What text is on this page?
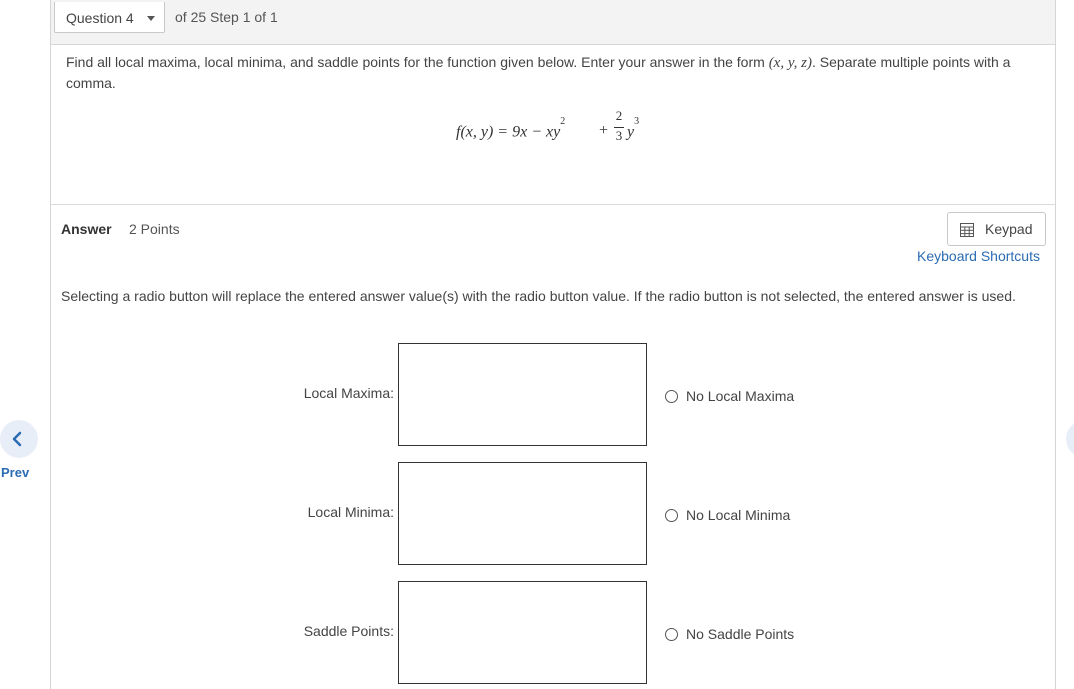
Prev
Question 4	of 25 Step 1 of 1
Find all local maxima, local minima, and saddle points for the function given below. Enter your answer in the form (x, y, z). Separate multiple points with a comma.
f(x, $y) = 9x - xy^2$
+
2
3 $y^3$
Answer 2 Points	Keypad
Keyboard Shortcuts
Selecting a radio button will replace the entered answer value(s) with the radio button value. If the radio button is not selected, the entered answer is used.
Local Maxima:	No Local Maxima
Local Minima:	No Local Minima
Saddle Points:	No Saddle Points
